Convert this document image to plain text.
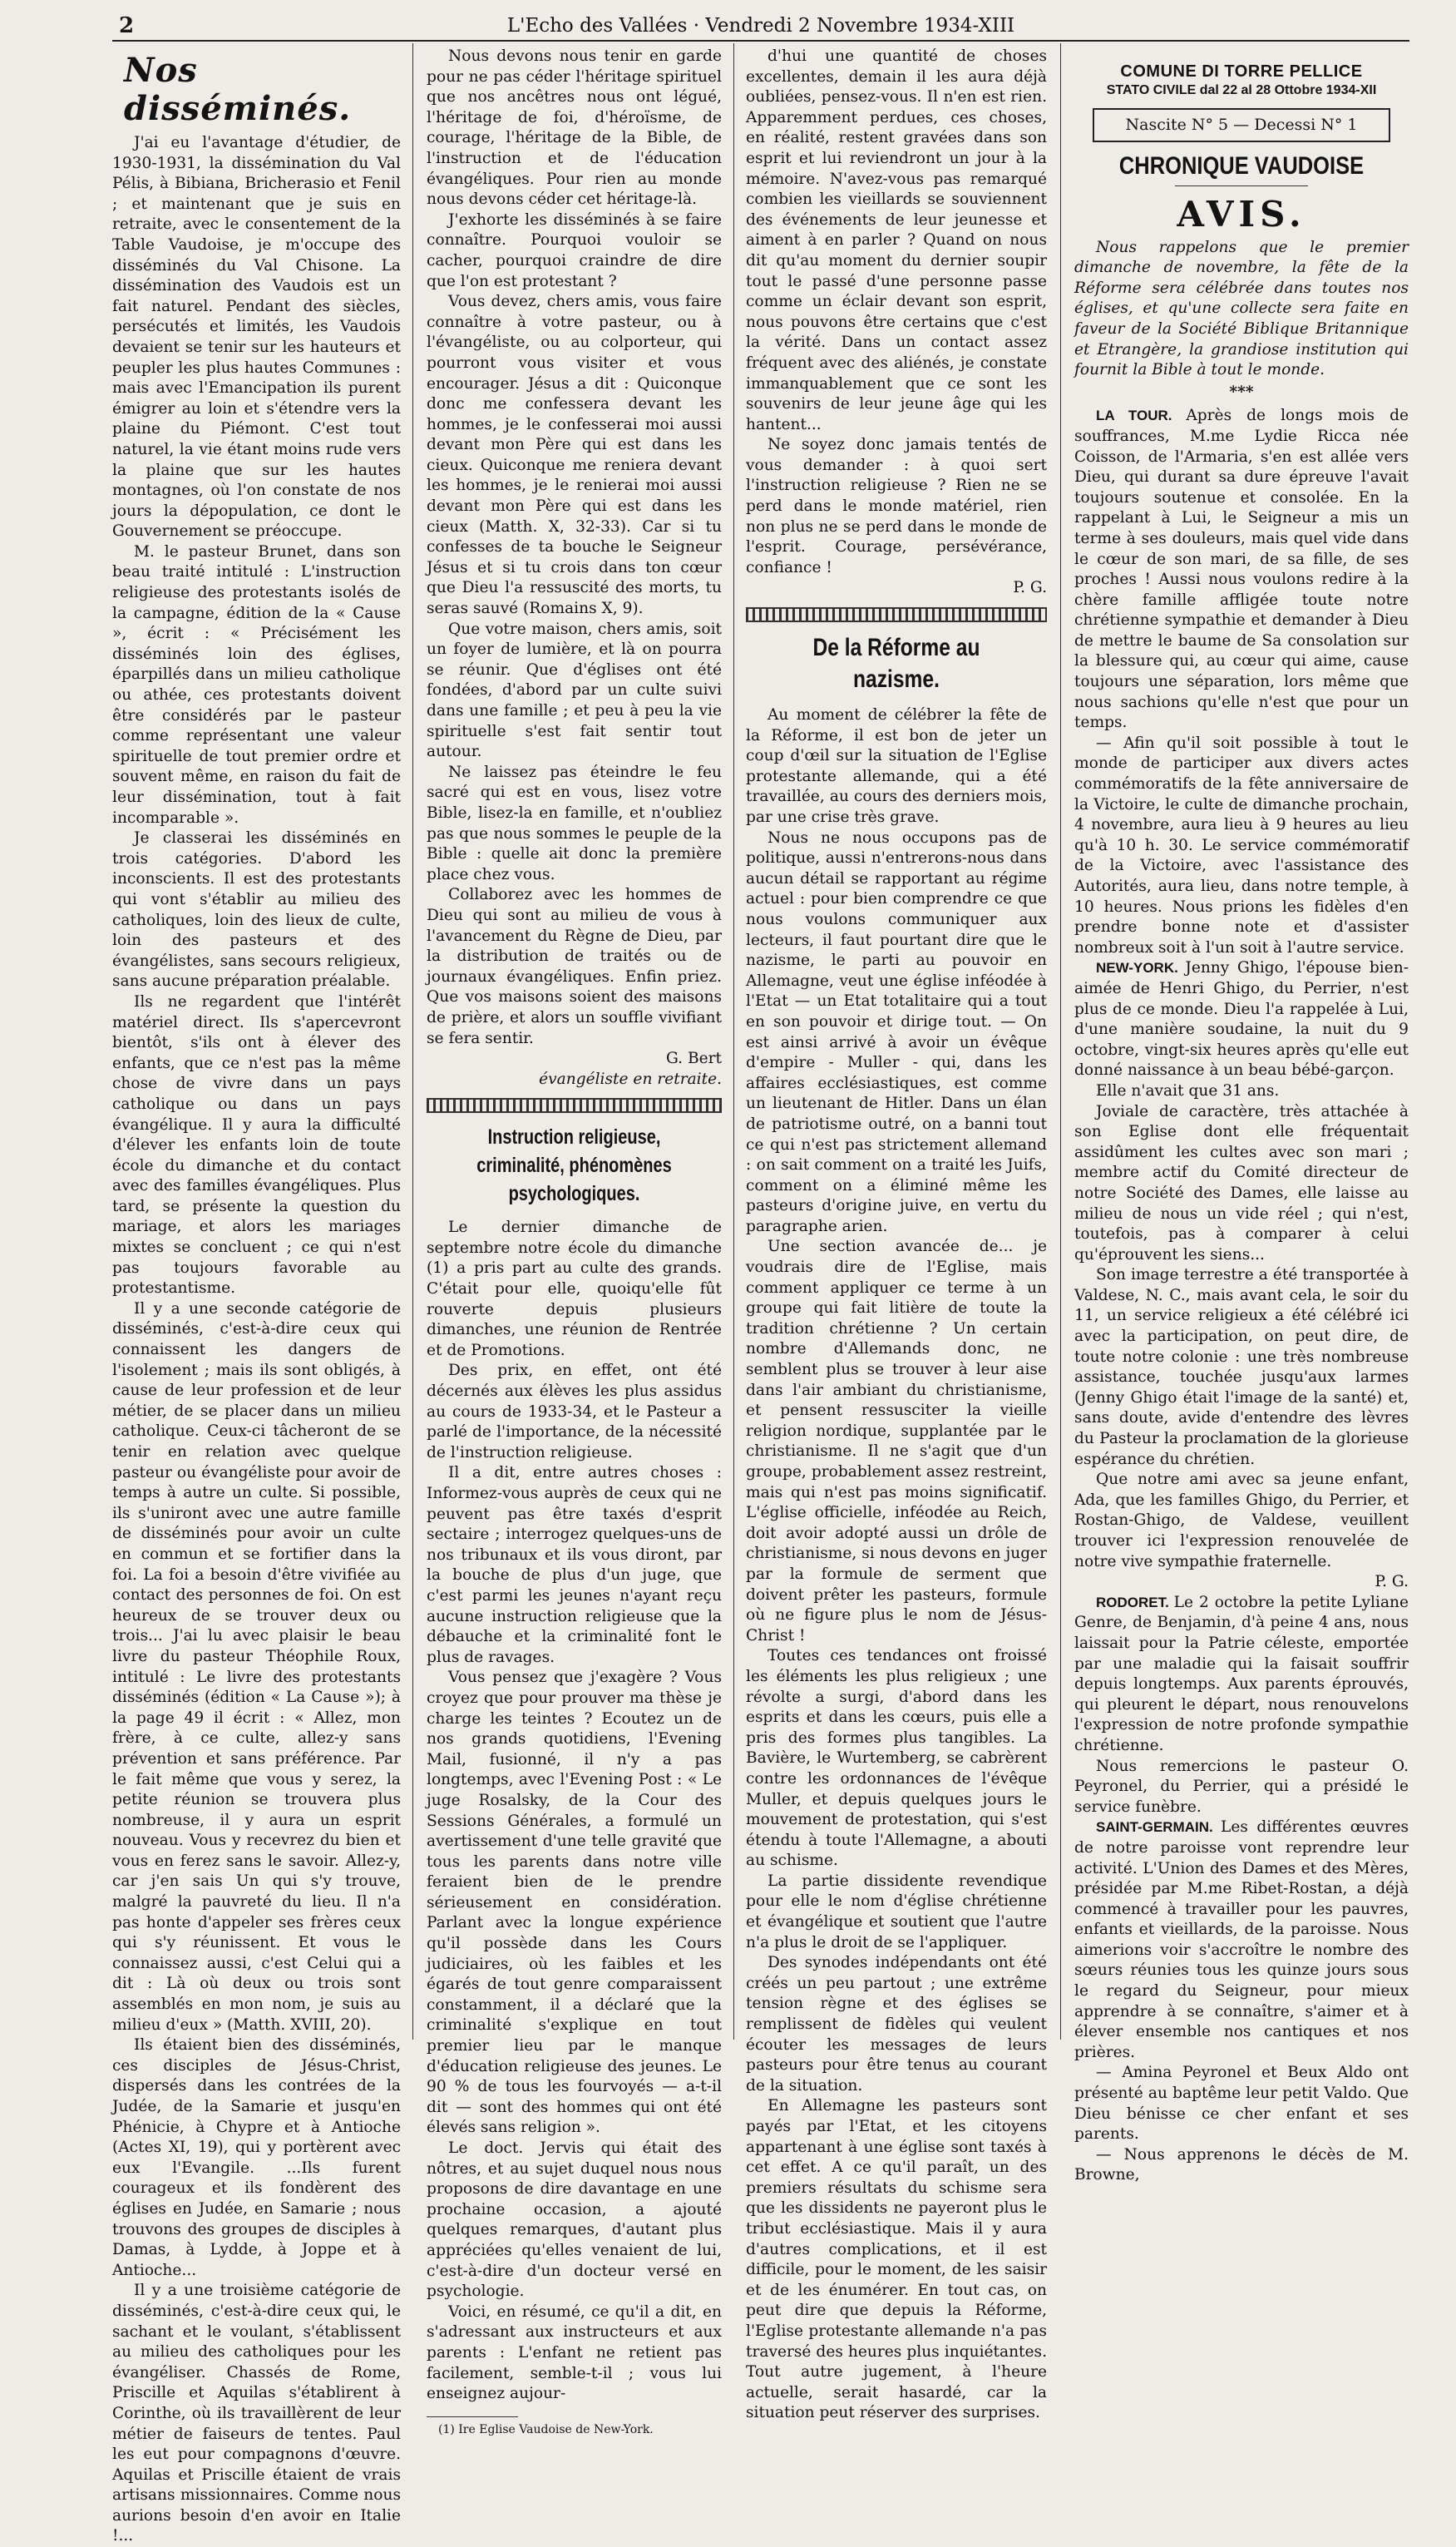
2	L'Echo des Vallées · Vendredi 2 Novembre 1934-XIII
Nos disséminés.

J'ai eu l'avantage d'étudier, de 1930-1931, la dissémination du Val Pélis, à Bibiana, Bricherasio et Fenil ; et maintenant que je suis en retraite, avec le consentement de la Table Vaudoise, je m'occupe des disséminés du Val Chisone. La dissémination des Vaudois est un fait naturel. Pendant des siècles, persécutés et limités, les Vaudois devaient se tenir sur les hauteurs et peupler les plus hautes Communes : mais avec l'Emancipation ils purent émigrer au loin et s'étendre vers la plaine du Piémont. C'est tout naturel, la vie étant moins rude vers la plaine que sur les hautes montagnes, où l'on constate de nos jours la dépopulation, ce dont le Gouvernement se préoccupe.

M. le pasteur Brunet, dans son beau traité intitulé : L'instruction religieuse des protestants isolés de la campagne, édition de la « Cause », écrit : « Précisément les disséminés loin des églises, éparpillés dans un milieu catholique ou athée, ces protestants doivent être considérés par le pasteur comme représentant une valeur spirituelle de tout premier ordre et souvent même, en raison du fait de leur dissémination, tout à fait incomparable ».

Je classerai les disséminés en trois catégories. D'abord les inconscients. Il est des protestants qui vont s'établir au milieu des catholiques, loin des lieux de culte, loin des pasteurs et des évangélistes, sans secours religieux, sans aucune préparation préalable.

Ils ne regardent que l'intérêt matériel direct. Ils s'apercevront bientôt, s'ils ont à élever des enfants, que ce n'est pas la même chose de vivre dans un pays catholique ou dans un pays évangélique. Il y aura la difficulté d'élever les enfants loin de toute école du dimanche et du contact avec des familles évangéliques. Plus tard, se présente la question du mariage, et alors les mariages mixtes se concluent ; ce qui n'est pas toujours favorable au protestantisme.

Il y a une seconde catégorie de disséminés, c'est-à-dire ceux qui connaissent les dangers de l'isolement ; mais ils sont obligés, à cause de leur profession et de leur métier, de se placer dans un milieu catholique. Ceux-ci tâcheront de se tenir en relation avec quelque pasteur ou évangéliste pour avoir de temps à autre un culte. Si possible, ils s'uniront avec une autre famille de disséminés pour avoir un culte en commun et se fortifier dans la foi. La foi a besoin d'être vivifiée au contact des personnes de foi. On est heureux de se trouver deux ou trois... J'ai lu avec plaisir le beau livre du pasteur Théophile Roux, intitulé : Le livre des protestants disséminés (édition « La Cause »); à la page 49 il écrit : « Allez, mon frère, à ce culte, allez-y sans prévention et sans préférence. Par le fait même que vous y serez, la petite réunion se trouvera plus nombreuse, il y aura un esprit nouveau. Vous y recevrez du bien et vous en ferez sans le savoir. Allez-y, car j'en sais Un qui s'y trouve, malgré la pauvreté du lieu. Il n'a pas honte d'appeler ses frères ceux qui s'y réunissent. Et vous le connaissez aussi, c'est Celui qui a dit : Là où deux ou trois sont assemblés en mon nom, je suis au milieu d'eux » (Matth. XVIII, 20).

Ils étaient bien des disséminés, ces disciples de Jésus-Christ, dispersés dans les contrées de la Judée, de la Samarie et jusqu'en Phénicie, à Chypre et à Antioche (Actes XI, 19), qui y portèrent avec eux l'Evangile. ...Ils furent courageux et ils fondèrent des églises en Judée, en Samarie ; nous trouvons des groupes de disciples à Damas, à Lydde, à Joppe et à Antioche...

Il y a une troisième catégorie de disséminés, c'est-à-dire ceux qui, le sachant et le voulant, s'établissent au milieu des catholiques pour les évangéliser. Chassés de Rome, Priscille et Aquilas s'établirent à Corinthe, où ils travaillèrent de leur métier de faiseurs de tentes. Paul les eut pour compagnons d'œuvre. Aquilas et Priscille étaient de vrais artisans missionnaires. Comme nous aurions besoin d'en avoir en Italie !...

Nous devons nous tenir en garde pour ne pas céder l'héritage spirituel que nos ancêtres nous ont légué, l'héritage de foi, d'héroïsme, de courage, l'héritage de la Bible, de l'instruction et de l'éducation évangéliques. Pour rien au monde nous devons céder cet héritage-là.

J'exhorte les disséminés à se faire connaître. Pourquoi vouloir se cacher, pourquoi craindre de dire que l'on est protestant ?

Vous devez, chers amis, vous faire connaître à votre pasteur, ou à l'évangéliste, ou au colporteur, qui pourront vous visiter et vous encourager. Jésus a dit : Quiconque donc me confessera devant les hommes, je le confesserai moi aussi devant mon Père qui est dans les cieux. Quiconque me reniera devant les hommes, je le renierai moi aussi devant mon Père qui est dans les cieux (Matth. X, 32-33). Car si tu confesses de ta bouche le Seigneur Jésus et si tu crois dans ton cœur que Dieu l'a ressuscité des morts, tu seras sauvé (Romains X, 9).

Que votre maison, chers amis, soit un foyer de lumière, et là on pourra se réunir. Que d'églises ont été fondées, d'abord par un culte suivi dans une famille ; et peu à peu la vie spirituelle s'est fait sentir tout autour.

Ne laissez pas éteindre le feu sacré qui est en vous, lisez votre Bible, lisez-la en famille, et n'oubliez pas que nous sommes le peuple de la Bible : quelle ait donc la première place chez vous.

Collaborez avec les hommes de Dieu qui sont au milieu de vous à l'avancement du Règne de Dieu, par la distribution de traités ou de journaux évangéliques. Enfin priez. Que vos maisons soient des maisons de prière, et alors un souffle vivifiant se fera sentir.

G. Bert

évangéliste en retraite.

Instruction religieuse, criminalité, phénomènes psychologiques.

Le dernier dimanche de septembre notre école du dimanche (1) a pris part au culte des grands. C'était pour elle, quoiqu'elle fût rouverte depuis plusieurs dimanches, une réunion de Rentrée et de Promotions.

Des prix, en effet, ont été décernés aux élèves les plus assidus au cours de 1933-34, et le Pasteur a parlé de l'importance, de la nécessité de l'instruction religieuse.

Il a dit, entre autres choses : Informez-vous auprès de ceux qui ne peuvent pas être taxés d'esprit sectaire ; interrogez quelques-uns de nos tribunaux et ils vous diront, par la bouche de plus d'un juge, que c'est parmi les jeunes n'ayant reçu aucune instruction religieuse que la débauche et la criminalité font le plus de ravages.

Vous pensez que j'exagère ? Vous croyez que pour prouver ma thèse je charge les teintes ? Ecoutez un de nos grands quotidiens, l'Evening Mail, fusionné, il n'y a pas longtemps, avec l'Evening Post : « Le juge Rosalsky, de la Cour des Sessions Générales, a formulé un avertissement d'une telle gravité que tous les parents dans notre ville feraient bien de le prendre sérieusement en considération. Parlant avec la longue expérience qu'il possède dans les Cours judiciaires, où les faibles et les égarés de tout genre comparaissent constamment, il a déclaré que la criminalité s'explique en tout premier lieu par le manque d'éducation religieuse des jeunes. Le 90 % de tous les fourvoyés — a-t-il dit — sont des hommes qui ont été élevés sans religion ».

Le doct. Jervis qui était des nôtres, et au sujet duquel nous nous proposons de dire davantage en une prochaine occasion, a ajouté quelques remarques, d'autant plus appréciées qu'elles venaient de lui, c'est-à-dire d'un docteur versé en psychologie.

Voici, en résumé, ce qu'il a dit, en s'adressant aux instructeurs et aux parents : L'enfant ne retient pas facilement, semble-t-il ; vous lui enseignez aujour-

(1) Ire Eglise Vaudoise de New-York.

d'hui une quantité de choses excellentes, demain il les aura déjà oubliées, pensez-vous. Il n'en est rien. Apparemment perdues, ces choses, en réalité, restent gravées dans son esprit et lui reviendront un jour à la mémoire. N'avez-vous pas remarqué combien les vieillards se souviennent des événements de leur jeunesse et aiment à en parler ? Quand on nous dit qu'au moment du dernier soupir tout le passé d'une personne passe comme un éclair devant son esprit, nous pouvons être certains que c'est la vérité. Dans un contact assez fréquent avec des aliénés, je constate immanquablement que ce sont les souvenirs de leur jeune âge qui les hantent...

Ne soyez donc jamais tentés de vous demander : à quoi sert l'instruction religieuse ? Rien ne se perd dans le monde matériel, rien non plus ne se perd dans le monde de l'esprit. Courage, persévérance, confiance !

P. G.

De la Réforme au nazisme.

Au moment de célébrer la fête de la Réforme, il est bon de jeter un coup d'œil sur la situation de l'Eglise protestante allemande, qui a été travaillée, au cours des derniers mois, par une crise très grave.

Nous ne nous occupons pas de politique, aussi n'entrerons-nous dans aucun détail se rapportant au régime actuel : pour bien comprendre ce que nous voulons communiquer aux lecteurs, il faut pourtant dire que le nazisme, le parti au pouvoir en Allemagne, veut une église inféodée à l'Etat — un Etat totalitaire qui a tout en son pouvoir et dirige tout. — On est ainsi arrivé à avoir un évêque d'empire - Muller - qui, dans les affaires ecclésiastiques, est comme un lieutenant de Hitler. Dans un élan de patriotisme outré, on a banni tout ce qui n'est pas strictement allemand : on sait comment on a traité les Juifs, comment on a éliminé même les pasteurs d'origine juive, en vertu du paragraphe arien.

Une section avancée de... je voudrais dire de l'Eglise, mais comment appliquer ce terme à un groupe qui fait litière de toute la tradition chrétienne ? Un certain nombre d'Allemands donc, ne semblent plus se trouver à leur aise dans l'air ambiant du christianisme, et pensent ressusciter la vieille religion nordique, supplantée par le christianisme. Il ne s'agit que d'un groupe, probablement assez restreint, mais qui n'est pas moins significatif. L'église officielle, inféodée au Reich, doit avoir adopté aussi un drôle de christianisme, si nous devons en juger par la formule de serment que doivent prêter les pasteurs, formule où ne figure plus le nom de Jésus-Christ !

Toutes ces tendances ont froissé les éléments les plus religieux ; une révolte a surgi, d'abord dans les esprits et dans les cœurs, puis elle a pris des formes plus tangibles. La Bavière, le Wurtemberg, se cabrèrent contre les ordonnances de l'évêque Muller, et depuis quelques jours le mouvement de protestation, qui s'est étendu à toute l'Allemagne, a abouti au schisme.

La partie dissidente revendique pour elle le nom d'église chrétienne et évangélique et soutient que l'autre n'a plus le droit de se l'appliquer.

Des synodes indépendants ont été créés un peu partout ; une extrême tension règne et des églises se remplissent de fidèles qui veulent écouter les messages de leurs pasteurs pour être tenus au courant de la situation.

En Allemagne les pasteurs sont payés par l'Etat, et les citoyens appartenant à une église sont taxés à cet effet. A ce qu'il paraît, un des premiers résultats du schisme sera que les dissidents ne payeront plus le tribut ecclésiastique. Mais il y aura d'autres complications, et il est difficile, pour le moment, de les saisir et de les énumérer. En tout cas, on peut dire que depuis la Réforme, l'Eglise protestante allemande n'a pas traversé des heures plus inquiétantes. Tout autre jugement, à l'heure actuelle, serait hasardé, car la situation peut réserver des surprises.

COMUNE DI TORRE PELLICE
STATO CIVILE dal 22 al 28 Ottobre 1934-XII
Nascite N° 5 — Decessi N° 1
CHRONIQUE VAUDOISE
AVIS.

Nous rappelons que le premier dimanche de novembre, la fête de la Réforme sera célébrée dans toutes nos églises, et qu'une collecte sera faite en faveur de la Société Biblique Britannique et Etrangère, la grandiose institution qui fournit la Bible à tout le monde.

***

LA TOUR. Après de longs mois de souffrances, M.me Lydie Ricca née Coisson, de l'Armaria, s'en est allée vers Dieu, qui durant sa dure épreuve l'avait toujours soutenue et consolée. En la rappelant à Lui, le Seigneur a mis un terme à ses douleurs, mais quel vide dans le cœur de son mari, de sa fille, de ses proches ! Aussi nous voulons redire à la chère famille affligée toute notre chrétienne sympathie et demander à Dieu de mettre le baume de Sa consolation sur la blessure qui, au cœur qui aime, cause toujours une séparation, lors même que nous sachions qu'elle n'est que pour un temps.

— Afin qu'il soit possible à tout le monde de participer aux divers actes commémoratifs de la fête anniversaire de la Victoire, le culte de dimanche prochain, 4 novembre, aura lieu à 9 heures au lieu qu'à 10 h. 30. Le service commémoratif de la Victoire, avec l'assistance des Autorités, aura lieu, dans notre temple, à 10 heures. Nous prions les fidèles d'en prendre bonne note et d'assister nombreux soit à l'un soit à l'autre service.

NEW-YORK. Jenny Ghigo, l'épouse bien-aimée de Henri Ghigo, du Perrier, n'est plus de ce monde. Dieu l'a rappelée à Lui, d'une manière soudaine, la nuit du 9 octobre, vingt-six heures après qu'elle eut donné naissance à un beau bébé-garçon.

Elle n'avait que 31 ans.

Joviale de caractère, très attachée à son Eglise dont elle fréquentait assidûment les cultes avec son mari ; membre actif du Comité directeur de notre Société des Dames, elle laisse au milieu de nous un vide réel ; qui n'est, toutefois, pas à comparer à celui qu'éprouvent les siens...

Son image terrestre a été transportée à Valdese, N. C., mais avant cela, le soir du 11, un service religieux a été célébré ici avec la participation, on peut dire, de toute notre colonie : une très nombreuse assistance, touchée jusqu'aux larmes (Jenny Ghigo était l'image de la santé) et, sans doute, avide d'entendre des lèvres du Pasteur la proclamation de la glorieuse espérance du chrétien.

Que notre ami avec sa jeune enfant, Ada, que les familles Ghigo, du Perrier, et Rostan-Ghigo, de Valdese, veuillent trouver ici l'expression renouvelée de notre vive sympathie fraternelle.

P. G.

RODORET. Le 2 octobre la petite Lyliane Genre, de Benjamin, d'à peine 4 ans, nous laissait pour la Patrie céleste, emportée par une maladie qui la faisait souffrir depuis longtemps. Aux parents éprouvés, qui pleurent le départ, nous renouvelons l'expression de notre profonde sympathie chrétienne.

Nous remercions le pasteur O. Peyronel, du Perrier, qui a présidé le service funèbre.

SAINT-GERMAIN. Les différentes œuvres de notre paroisse vont reprendre leur activité. L'Union des Dames et des Mères, présidée par M.me Ribet-Rostan, a déjà commencé à travailler pour les pauvres, enfants et vieillards, de la paroisse. Nous aimerions voir s'accroître le nombre des sœurs réunies tous les quinze jours sous le regard du Seigneur, pour mieux apprendre à se connaître, s'aimer et à élever ensemble nos cantiques et nos prières.

— Amina Peyronel et Beux Aldo ont présenté au baptême leur petit Valdo. Que Dieu bénisse ce cher enfant et ses parents.

— Nous apprenons le décès de M. Browne,
